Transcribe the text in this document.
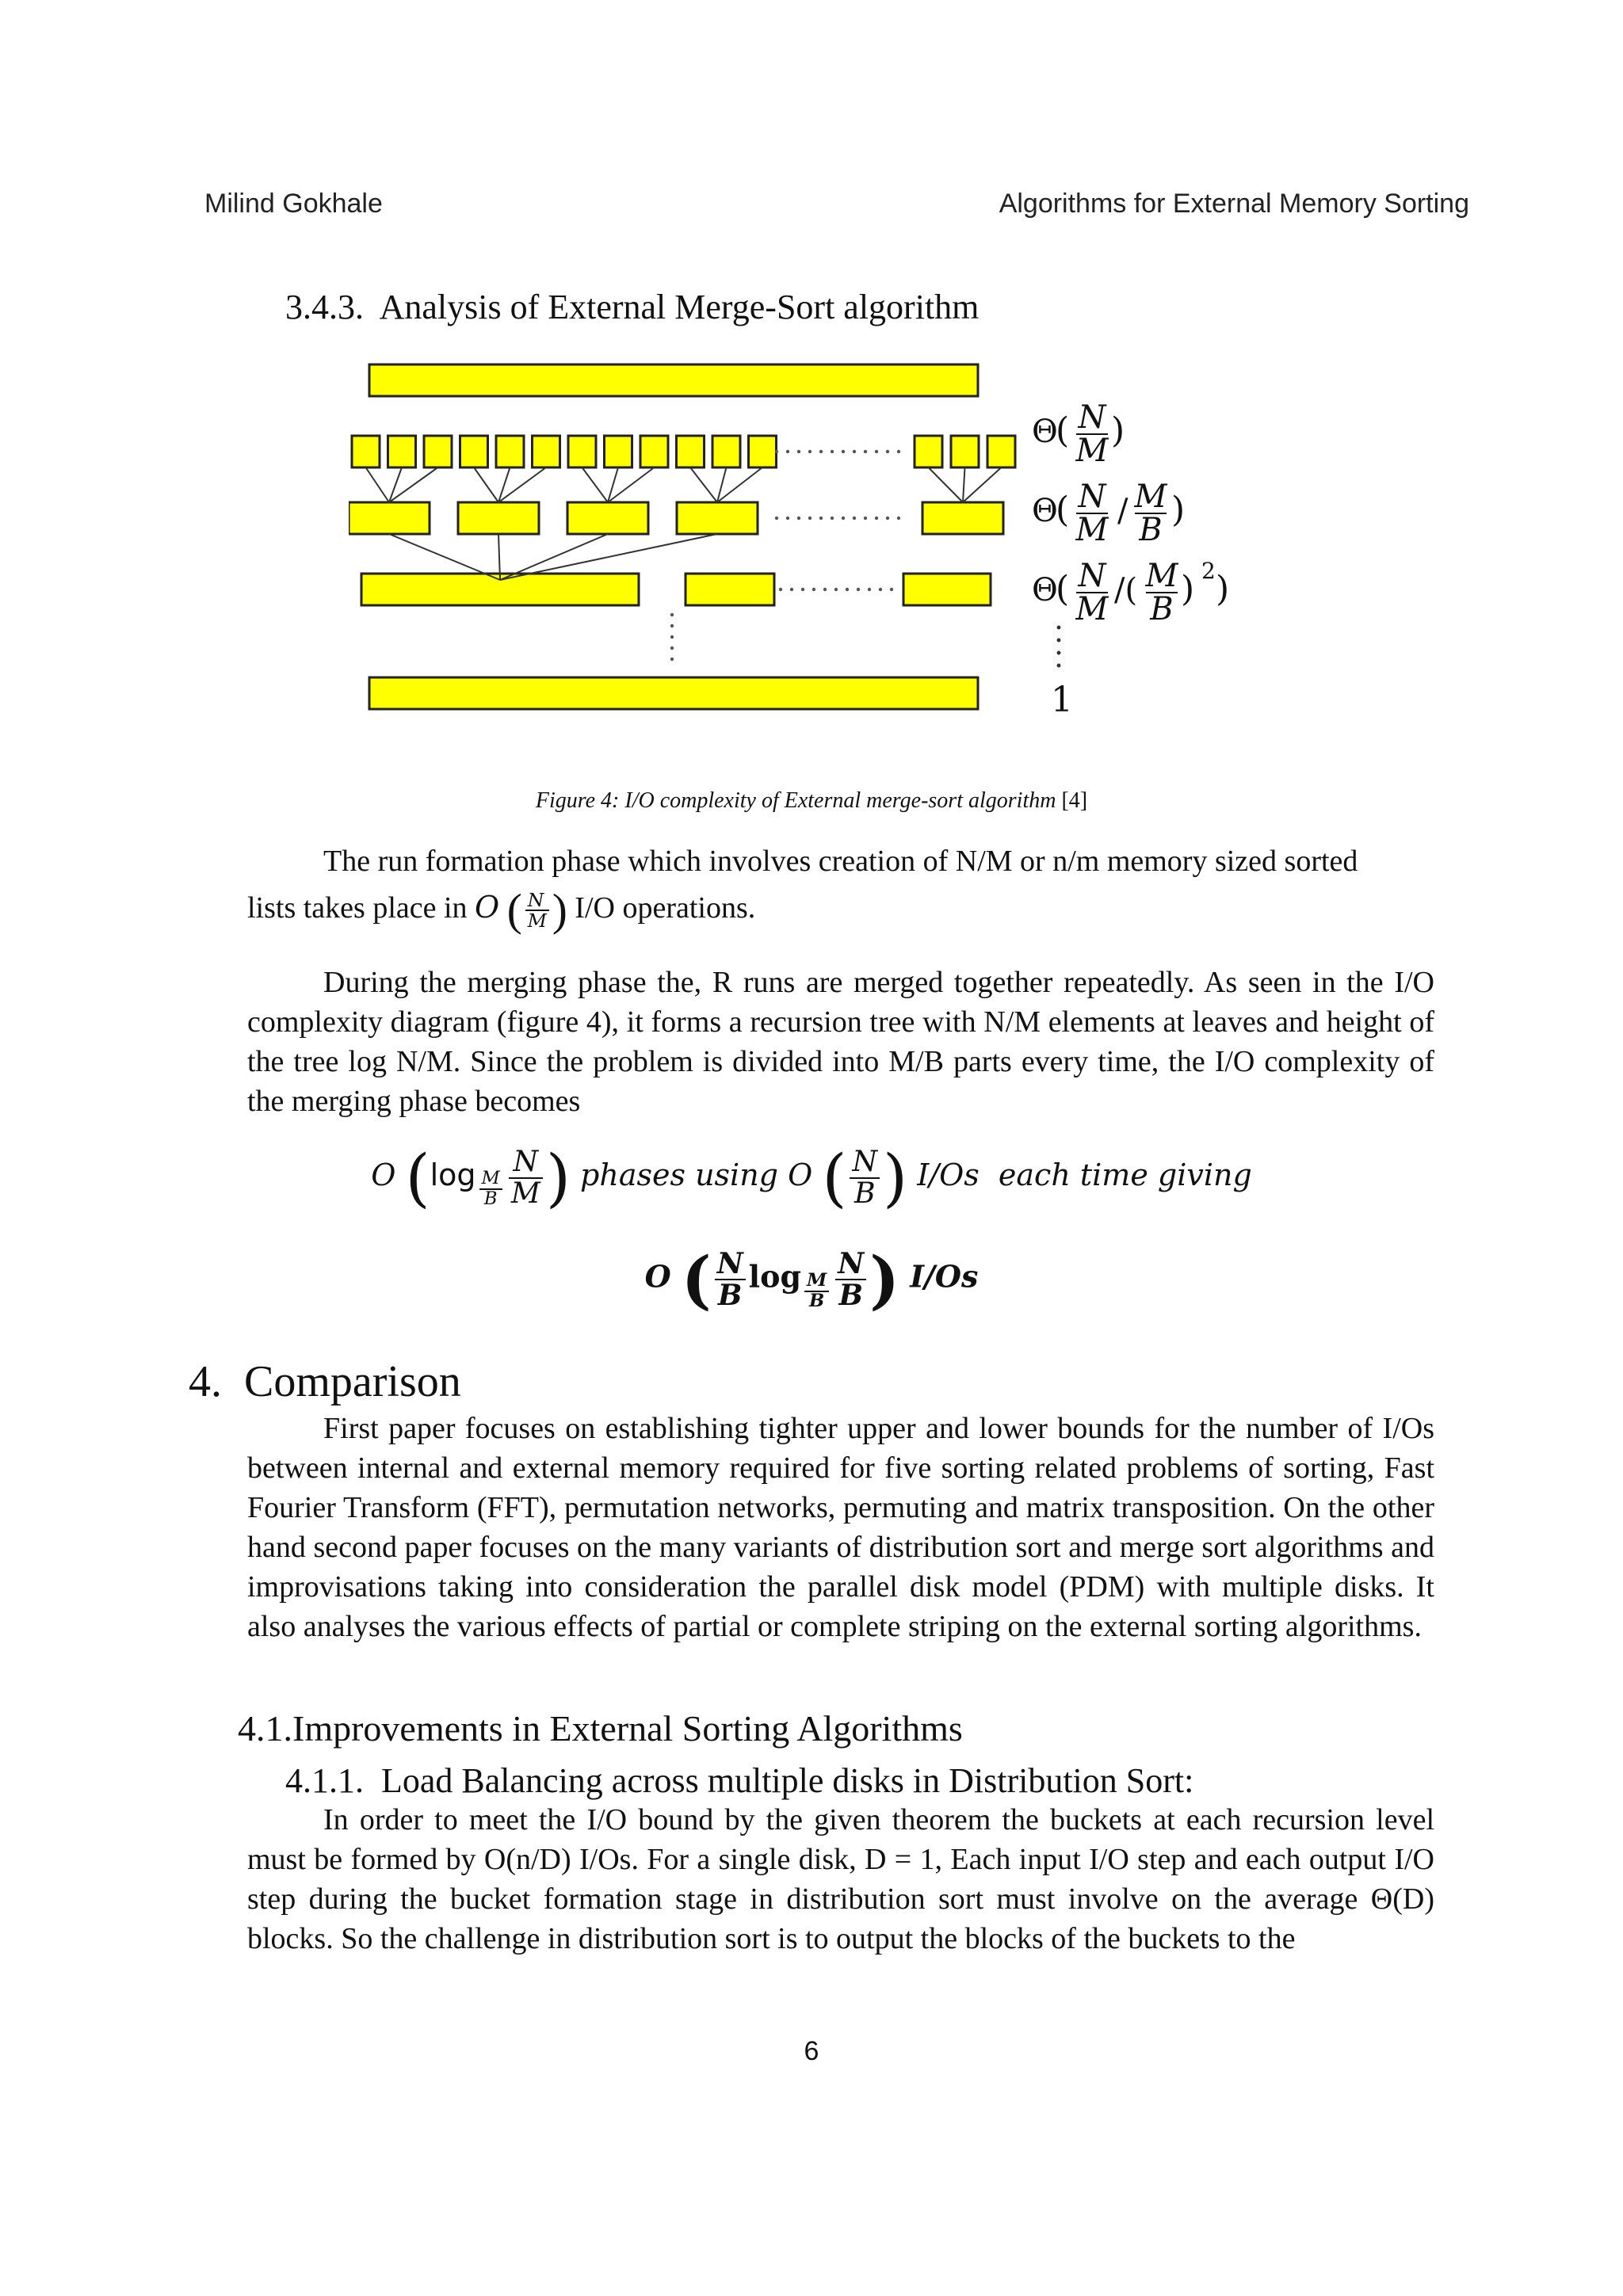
Milind Gokhale	Algorithms for External Memory Sorting
3.4.3. Analysis of External Merge-Sort algorithm
Θ
( N
M )
Θ
( N
M
/ M
B )
Θ
( N
M
/( M
B ) 2 )
1
Figure 4: I/O complexity of External merge-sort algorithm [4]

The run formation phase which involves creation of N/M or n/m memory sized sorted

lists takes place in O ( $\frac{N}{M}$ ) I/O operations.

During the merging phase the, R runs are merged together repeatedly. As seen in the I/O complexity diagram (figure 4), it forms a recursion tree with N/M elements at leaves and height of the tree log N/M. Since the problem is divided into M/B parts every time, the I/O complexity of the merging phase becomes
O (log $_{\frac{M}{B}} \frac{N}{M}$ ) phases using O ( $\frac{N}{B}$ ) I/Os  each time giving
O ( $\frac{N}{B}$ $\log _{\frac{M}{B}} \frac{N}{B}$ ) I/Os
4. Comparison
First paper focuses on establishing tighter upper and lower bounds for the number of I/Os between internal and external memory required for five sorting related problems of sorting, Fast Fourier Transform (FFT), permutation networks, permuting and matrix transposition. On the other hand second paper focuses on the many variants of distribution sort and merge sort algorithms and improvisations taking into consideration the parallel disk model (PDM) with multiple disks. It also analyses the various effects of partial or complete striping on the external sorting algorithms.
4.1.Improvements in External Sorting Algorithms
4.1.1. Load Balancing across multiple disks in Distribution Sort:
In order to meet the I/O bound by the given theorem the buckets at each recursion level must be formed by O(n/D) I/Os. For a single disk, D = 1, Each input I/O step and each output I/O step during the bucket formation stage in distribution sort must involve on the average Θ(D) blocks. So the challenge in distribution sort is to output the blocks of the buckets to the
6
